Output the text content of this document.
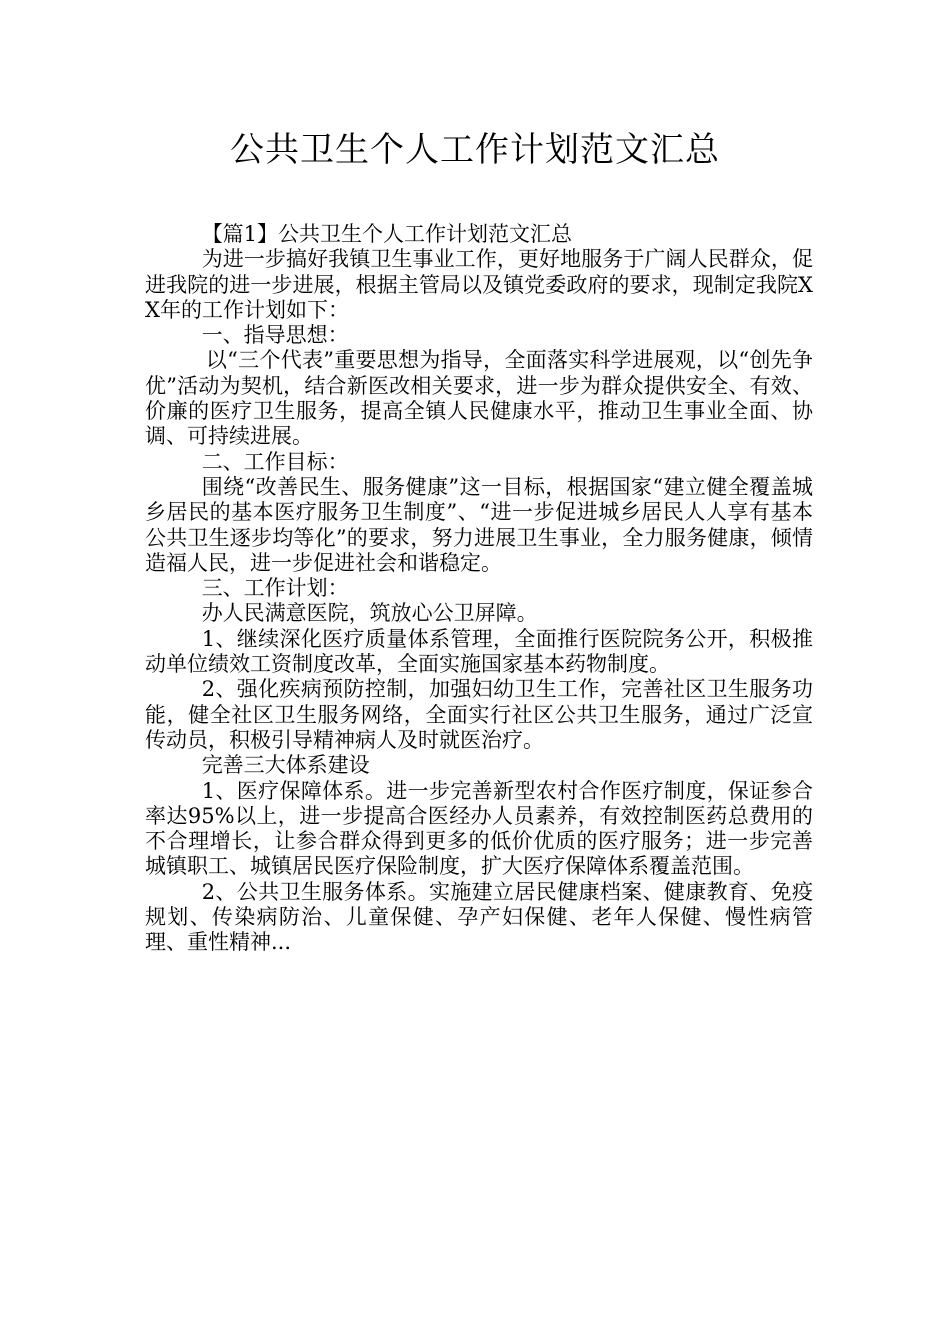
公共卫生个人工作计划范文汇总

【篇1】公共卫生个人工作计划范文汇总

为进一步搞好我镇卫生事业工作，更好地服务于广阔人民群众，促进我院的进一步进展，根据主管局以及镇党委政府的要求，现制定我院XX年的工作计划如下：

一、指导思想：

以“三个代表”重要思想为指导，全面落实科学进展观，以“创先争优”活动为契机，结合新医改相关要求，进一步为群众提供安全、有效、价廉的医疗卫生服务，提高全镇人民健康水平，推动卫生事业全面、协调、可持续进展。

二、工作目标：

围绕“改善民生、服务健康”这一目标，根据国家“建立健全覆盖城乡居民的基本医疗服务卫生制度”、“进一步促进城乡居民人人享有基本公共卫生逐步均等化”的要求，努力进展卫生事业，全力服务健康，倾情造福人民，进一步促进社会和谐稳定。

三、工作计划：

办人民满意医院，筑放心公卫屏障。

1、继续深化医疗质量体系管理，全面推行医院院务公开，积极推动单位绩效工资制度改革，全面实施国家基本药物制度。

2、强化疾病预防控制，加强妇幼卫生工作，完善社区卫生服务功能，健全社区卫生服务网络，全面实行社区公共卫生服务，通过广泛宣传动员，积极引导精神病人及时就医治疗。

完善三大体系建设

1、医疗保障体系。进一步完善新型农村合作医疗制度，保证参合率达95%以上，进一步提高合医经办人员素养，有效控制医药总费用的不合理增长，让参合群众得到更多的低价优质的医疗服务；进一步完善城镇职工、城镇居民医疗保险制度，扩大医疗保障体系覆盖范围。

2、公共卫生服务体系。实施建立居民健康档案、健康教育、免疫规划、传染病防治、儿童保健、孕产妇保健、老年人保健、慢性病管理、重性精神...
